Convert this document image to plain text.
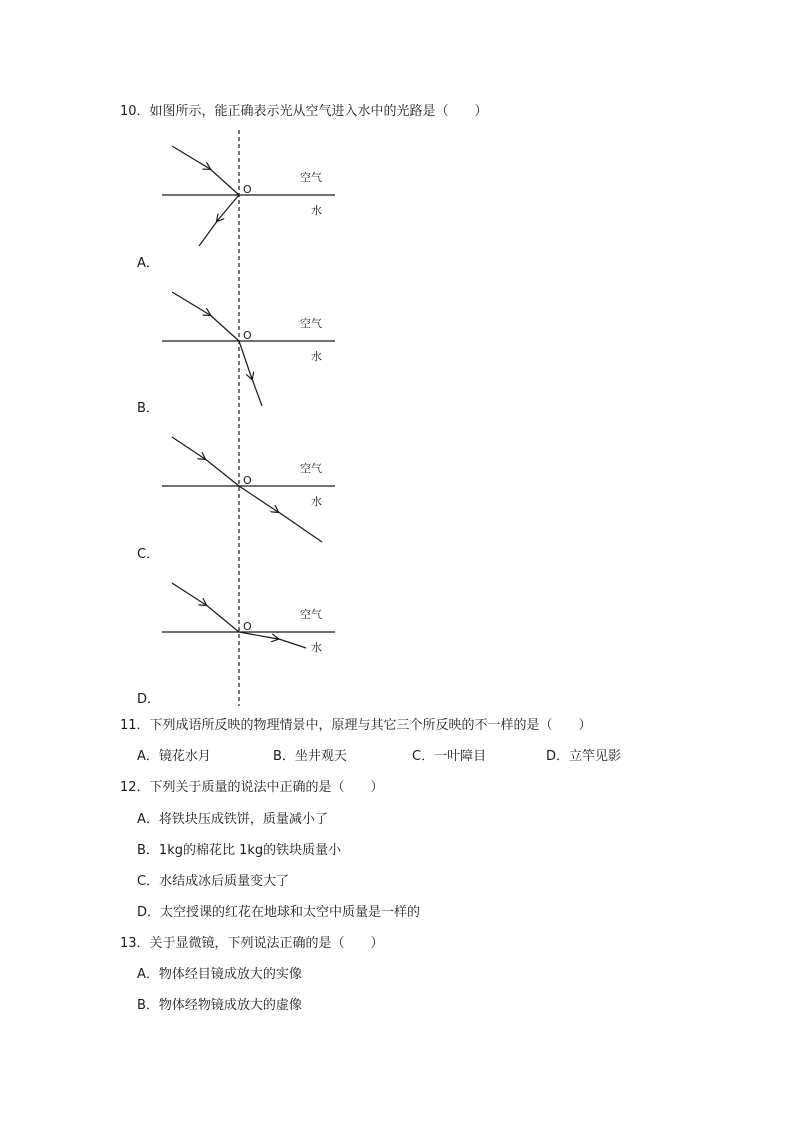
10．如图所示，能正确表示光从空气进入水中的光路是（　　）
O
空气
水
O
空气
水
O
空气
水
O
空气
水
A．
B．
C．
D．
11．下列成语所反映的物理情景中，原理与其它三个所反映的不一样的是（　　）
A．镜花水月	B．坐井观天	C．一叶障目	D．立竿见影
12．下列关于质量的说法中正确的是（　　）
A．将铁块压成铁饼，质量减小了
B．1kg的棉花比 1kg的铁块质量小
C．水结成冰后质量变大了
D．太空授课的红花在地球和太空中质量是一样的
13．关于显微镜，下列说法正确的是（　　）
A．物体经目镜成放大的实像
B．物体经物镜成放大的虚像
